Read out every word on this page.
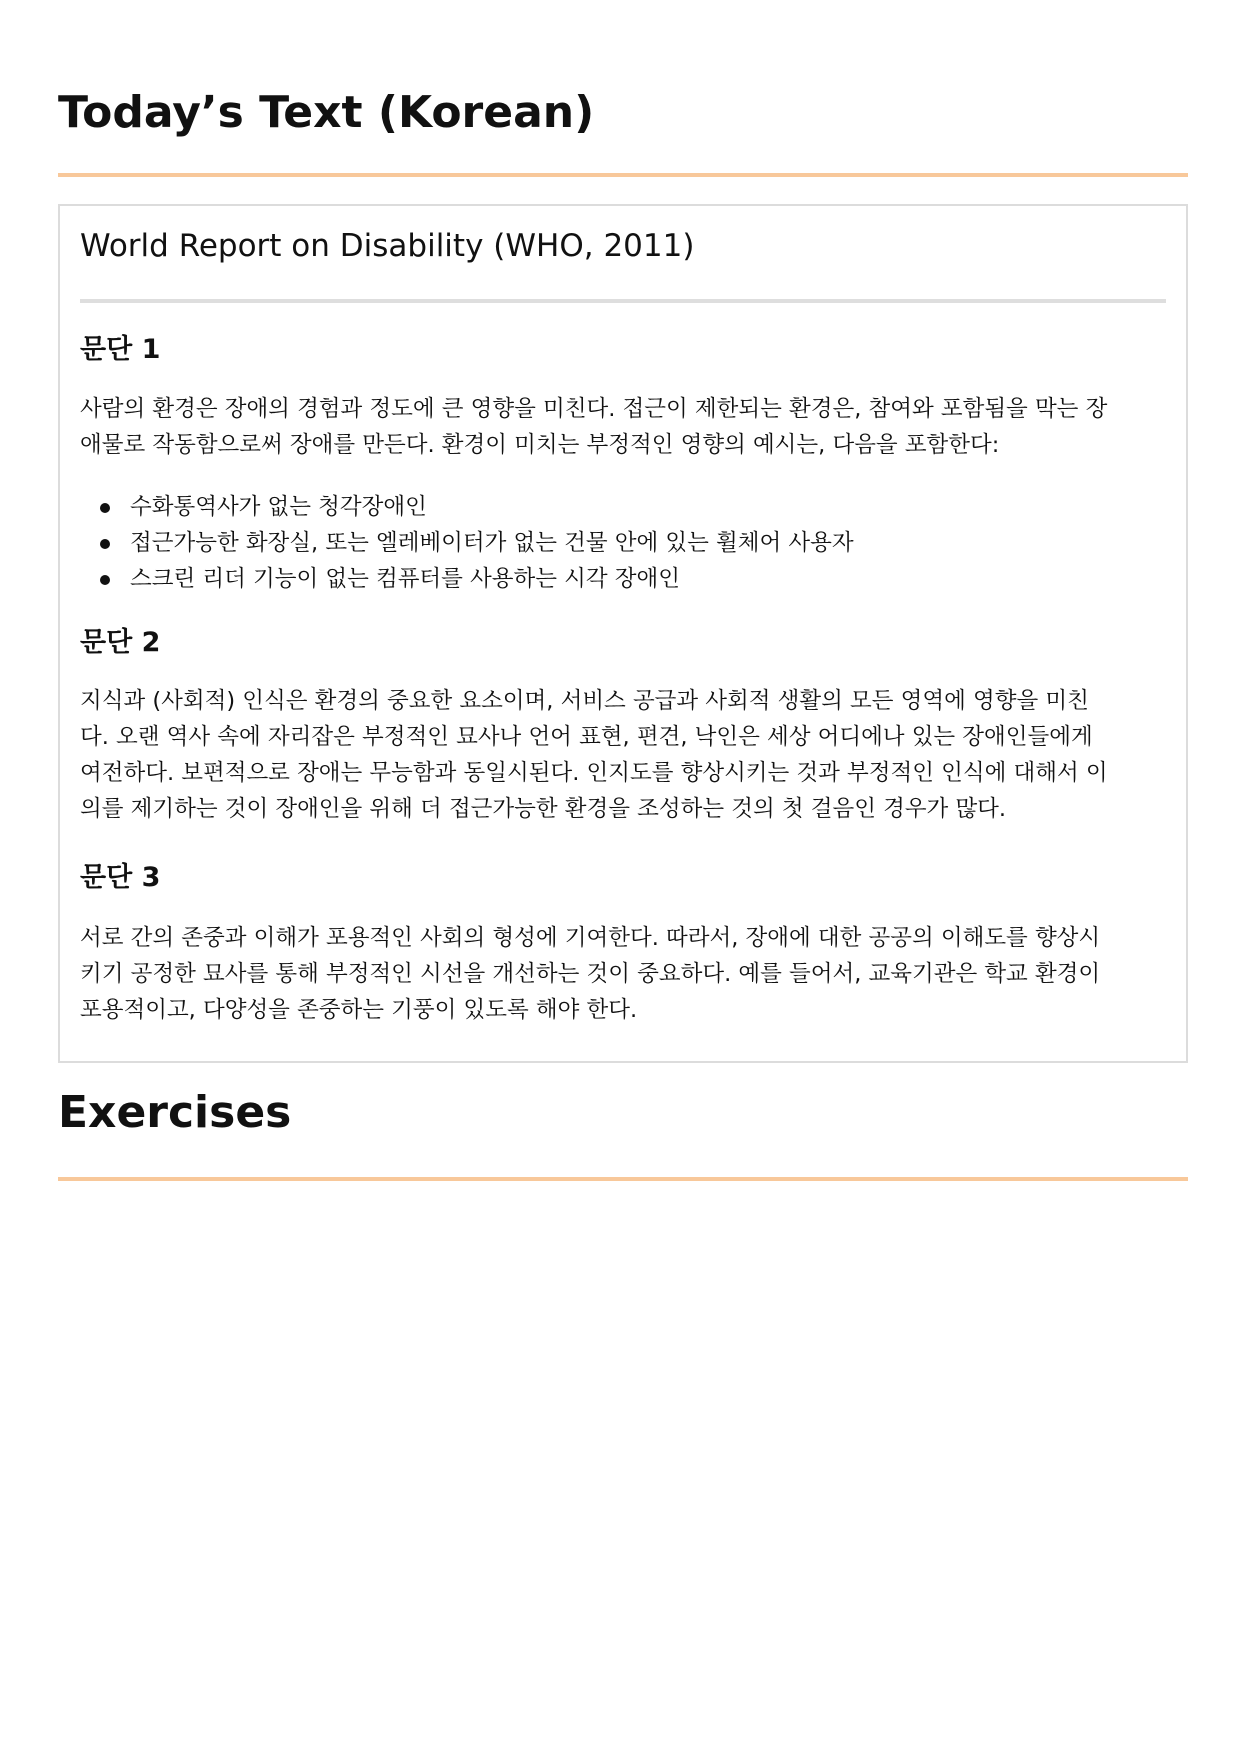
Today’s Text (Korean)
World Report on Disability (WHO, 2011)
문단 1
사람의 환경은 장애의 경험과 정도에 큰 영향을 미친다. 접근이 제한되는 환경은, 참여와 포함됨을 막는 장
애물로 작동함으로써 장애를 만든다. 환경이 미치는 부정적인 영향의 예시는, 다음을 포함한다:
수화통역사가 없는 청각장애인
접근가능한 화장실, 또는 엘레베이터가 없는 건물 안에 있는 휠체어 사용자
스크린 리더 기능이 없는 컴퓨터를 사용하는 시각 장애인
문단 2
지식과 (사회적) 인식은 환경의 중요한 요소이며, 서비스 공급과 사회적 생활의 모든 영역에 영향을 미친
다. 오랜 역사 속에 자리잡은 부정적인 묘사나 언어 표현, 편견, 낙인은 세상 어디에나 있는 장애인들에게
여전하다. 보편적으로 장애는 무능함과 동일시된다. 인지도를 향상시키는 것과 부정적인 인식에 대해서 이
의를 제기하는 것이 장애인을 위해 더 접근가능한 환경을 조성하는 것의 첫 걸음인 경우가 많다.
문단 3
서로 간의 존중과 이해가 포용적인 사회의 형성에 기여한다. 따라서, 장애에 대한 공공의 이해도를 향상시
키기 공정한 묘사를 통해 부정적인 시선을 개선하는 것이 중요하다. 예를 들어서, 교육기관은 학교 환경이
포용적이고, 다양성을 존중하는 기풍이 있도록 해야 한다.
Exercises
